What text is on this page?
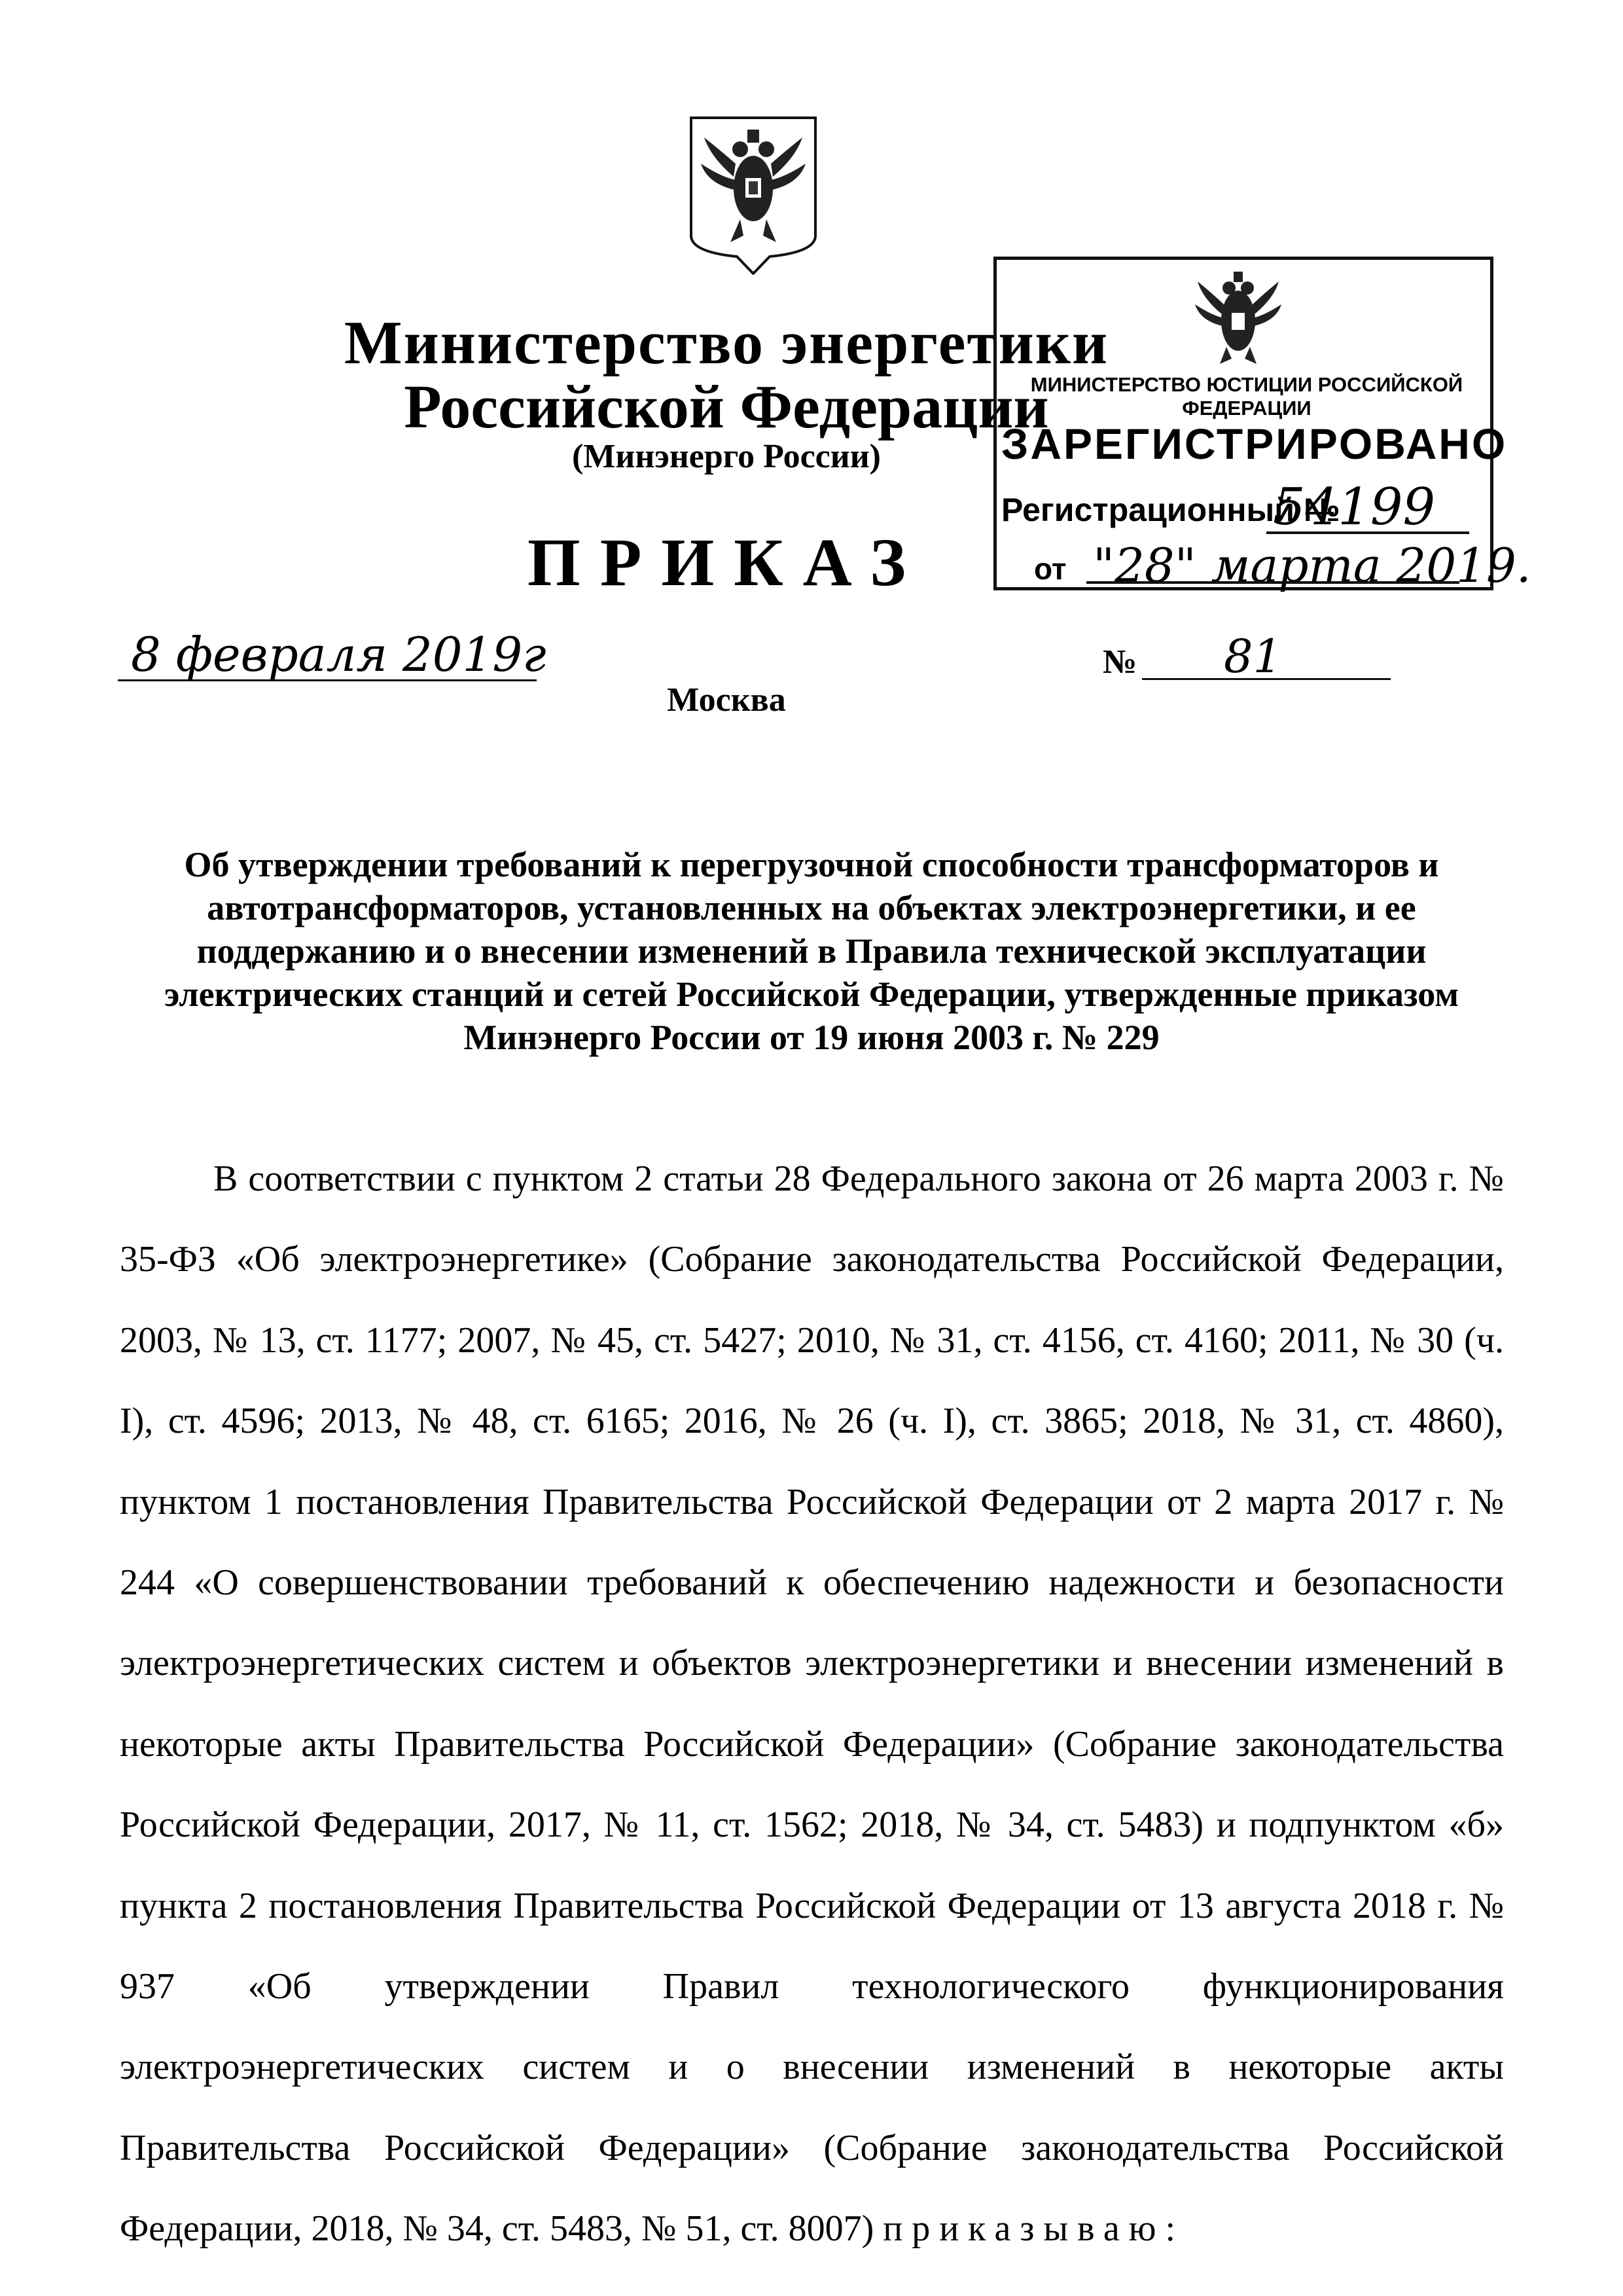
Министерство энергетики
Российской Федерации
(Минэнерго России)
МИНИСТЕРСТВО ЮСТИЦИИ РОССИЙСКОЙ ФЕДЕРАЦИИ
ЗАРЕГИСТРИРОВАНО
Регистрационный №
54199
от "28" марта 2019.
ПРИКАЗ
8 февраля 2019г	№ 81
Москва
Об утверждении требований к перегрузочной способности трансформаторов и автотрансформаторов, установленных на объектах электроэнергетики, и ее поддержанию и о внесении изменений в Правила технической эксплуатации электрических станций и сетей Российской Федерации, утвержденные приказом Минэнерго России от 19 июня 2003 г. № 229
В соответствии с пунктом 2 статьи 28 Федерального закона от 26 марта 2003 г. № 35-ФЗ «Об электроэнергетике» (Собрание законодательства Российской Федерации, 2003, № 13, ст. 1177; 2007, № 45, ст. 5427; 2010, № 31, ст. 4156, ст. 4160; 2011, № 30 (ч. I), ст. 4596; 2013, № 48, ст. 6165; 2016, № 26 (ч. I), ст. 3865; 2018, № 31, ст. 4860), пунктом 1 постановления Правительства Российской Федерации от 2 марта 2017 г. № 244 «О совершенствовании требований к обеспечению надежности и безопасности электроэнергетических систем и объектов электроэнергетики и внесении изменений в некоторые акты Правительства Российской Федерации» (Собрание законодательства Российской Федерации, 2017, № 11, ст. 1562; 2018, № 34, ст. 5483) и подпунктом «б» пункта 2 постановления Правительства Российской Федерации от 13 августа 2018 г. № 937 «Об утверждении Правил технологического функционирования электроэнергетических систем и о внесении изменений в некоторые акты Правительства Российской Федерации» (Собрание законодательства Российской Федерации, 2018, № 34, ст. 5483, № 51, ст. 8007) приказываю:
